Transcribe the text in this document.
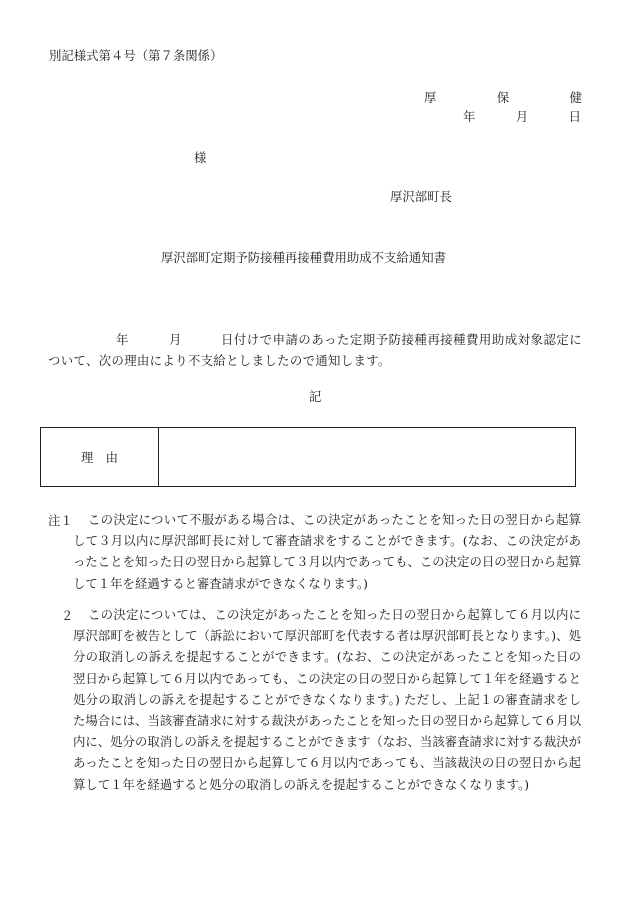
別記様式第４号（第７条関係）
厚	保	健
年	月	日
様
厚沢部町長
厚沢部町定期予防接種再接種費用助成不支給通知書
年	月	日付けで申請のあった定期予防接種再接種費用助成対象認定について、次の理由により不支給としましたので通知します。

記
理　由
注１	この決定について不服がある場合は、この決定があったことを知った日の翌日から起算して３月以内に厚沢部町長に対して審査請求をすることができます。(なお、この決定があったことを知った日の翌日から起算して３月以内であっても、この決定の日の翌日から起算して１年を経過すると審査請求ができなくなります。)

２	この決定については、この決定があったことを知った日の翌日から起算して６月以内に厚沢部町を被告として（訴訟において厚沢部町を代表する者は厚沢部町長となります。)、処分の取消しの訴えを提起することができます。(なお、この決定があったことを知った日の翌日から起算して６月以内であっても、この決定の日の翌日から起算して１年を経過すると処分の取消しの訴えを提起することができなくなります。) ただし、上記１の審査請求をした場合には、当該審査請求に対する裁決があったことを知った日の翌日から起算して６月以内に、処分の取消しの訴えを提起することができます（なお、当該審査請求に対する裁決があったことを知った日の翌日から起算して６月以内であっても、当該裁決の日の翌日から起算して１年を経過すると処分の取消しの訴えを提起することができなくなります。)
